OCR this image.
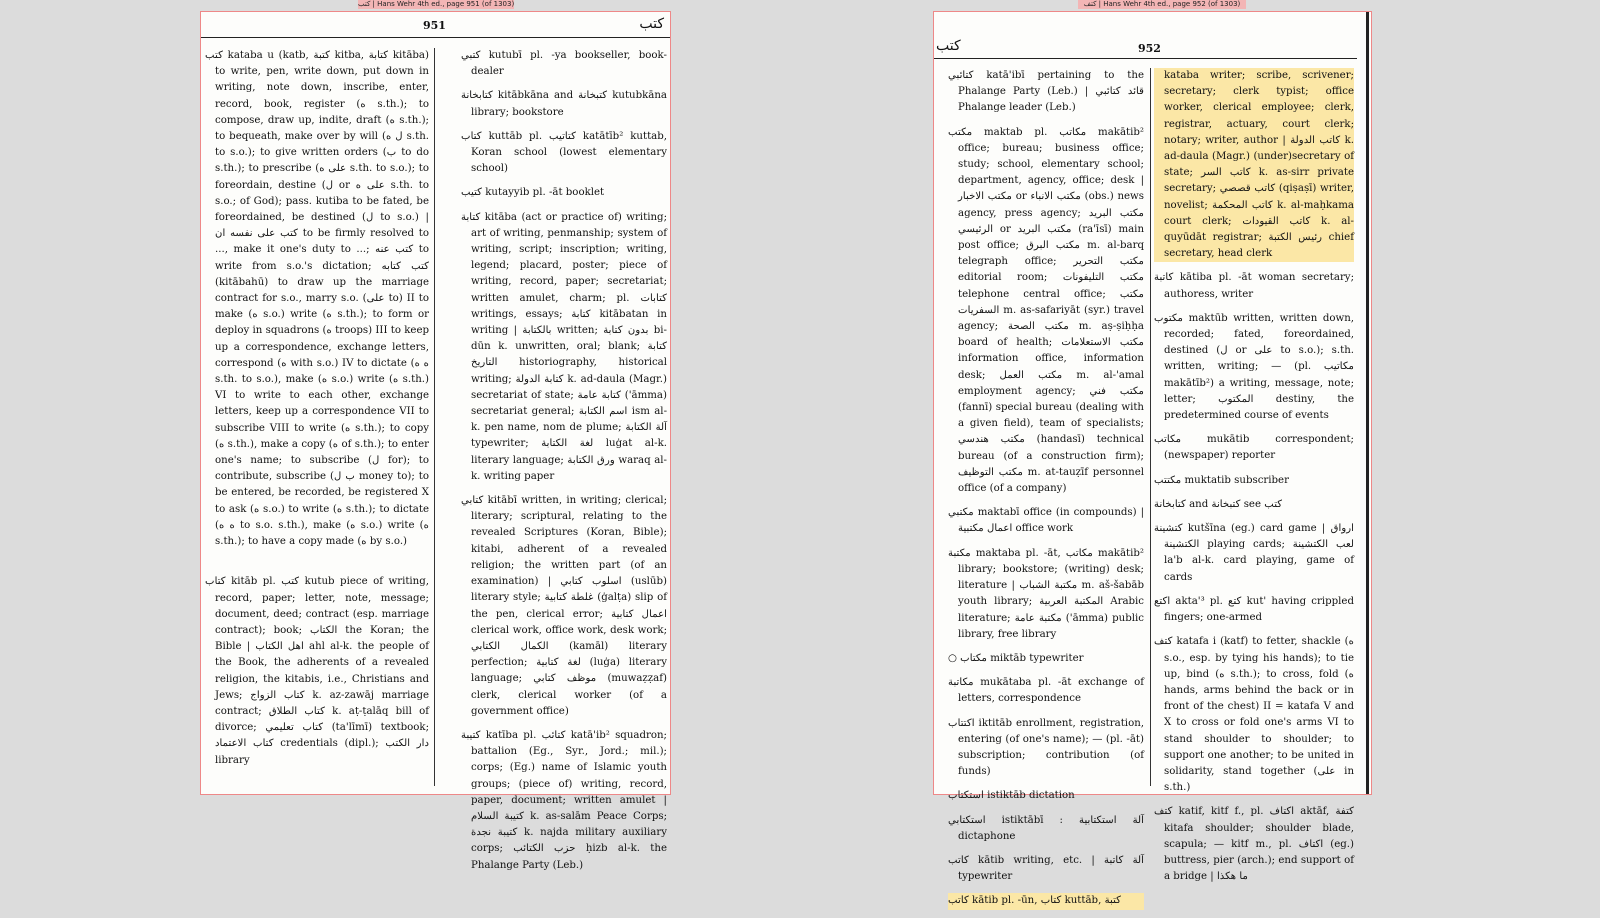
كتب | Hans Wehr 4th ed., page 951 (of 1303)	كتف | Hans Wehr 4th ed., page 952 (of 1303)
951	كتب

كتب kataba u (katb, كتبة kitba, كتابة kitāba) to write, pen, write down, put down in writing, note down, inscribe, enter, record, book, register (ه s.th.); to compose, draw up, indite, draft (ه s.th.); to bequeath, make over by will (ل ه s.th. to s.o.); to give written orders (ب to do s.th.); to prescribe (على ه s.th. to s.o.); to foreordain, destine (ل or على ه s.th. to s.o.; of God); pass. kutiba to be fated, be foreordained, be destined (ل to s.o.) | كتب على نفسه ان to be firmly resolved to ..., make it one's duty to ...; كتب عنه to write from s.o.'s dictation; كتب كتابه (kitābahū) to draw up the marriage contract for s.o., marry s.o. (على to) II to make (ه s.o.) write (ه s.th.); to form or deploy in squadrons (ه troops) III to keep up a correspondence, exchange letters, correspond (ه with s.o.) IV to dictate (ه ه s.th. to s.o.), make (ه s.o.) write (ه s.th.) VI to write to each other, exchange letters, keep up a correspondence VII to subscribe VIII to write (ه s.th.); to copy (ه s.th.), make a copy (ه of s.th.); to enter one's name; to subscribe (ل for); to contribute, subscribe (ب ل money to); to be entered, be recorded, be registered X to ask (ه s.o.) to write (ه s.th.); to dictate (ه ه to s.o. s.th.), make (ه s.o.) write (ه s.th.); to have a copy made (ه by s.o.)

كتاب kitāb pl. كتب kutub piece of writing, record, paper; letter, note, message; document, deed; contract (esp. marriage contract); book; الكتاب the Koran; the Bible | اهل الكتاب ahl al-k. the people of the Book, the adherents of a revealed religion, the kitabis, i.e., Christians and Jews; كتاب الزواج k. az-zawāj marriage contract; كتاب الطلاق k. aṭ-ṭalāq bill of divorce; كتاب تعليمي (ta'līmī) textbook; كتاب الاعتماد credentials (dipl.); دار الكتب library

كتبي kutubī pl. -ya bookseller, book-dealer

كتابخانة kitābkāna and كتبخانة kutubkāna library; bookstore

كتاب kuttāb pl. كتاتيب katātīb² kuttab, Koran school (lowest elementary school)

كتيب kutayyib pl. -āt booklet

كتابة kitāba (act or practice of) writing; art of writing, penmanship; system of writing, script; inscription; writing, legend; placard, poster; piece of writing, record, paper; secretariat; written amulet, charm; pl. كتابات writings, essays; كتابة kitābatan in writing | بالكتابة written; بدون كتابة bi-dūn k. unwritten, oral; blank; كتابة التاريخ historiography, historical writing; كتابة الدولة k. ad-daula (Magr.) secretariat of state; كتابة عامة ('āmma) secretariat general; اسم الكتابة ism al-k. pen name, nom de plume; آلة الكتابة typewriter; لغة الكتابة luġat al-k. literary language; ورق الكتابة waraq al-k. writing paper

كتابي kitābī written, in writing; clerical; literary; scriptural, relating to the revealed Scriptures (Koran, Bible); kitabi, adherent of a revealed religion; the written part (of an examination) | اسلوب كتابي (uslūb) literary style; غلطة كتابية (ġalṭa) slip of the pen, clerical error; اعمال كتابية clerical work, office work, desk work; الكمال الكتابي (kamāl) literary perfection; لغة كتابية (luġa) literary language; موظف كتابي (muwaẓẓaf) clerk, clerical worker (of a government office)

كتيبة katība pl. كتائب katā'ib² squadron; battalion (Eg., Syr., Jord.; mil.); corps; (Eg.) name of Islamic youth groups; (piece of) writing, record, paper, document; written amulet | كتيبة السلام k. as-salām Peace Corps; كتيبة نجدة k. najda military auxiliary corps; حزب الكتائب ḥizb al-k. the Phalange Party (Leb.)

كتب	952

كتائبي katā'ibī pertaining to the Phalange Party (Leb.) | قائد كتائبي Phalange leader (Leb.)

مكتب maktab pl. مكاتب makātib² office; bureau; business office; study; school, elementary school; department, agency, office; desk | مكتب الاخبار or مكتب الانباء (obs.) news agency, press agency; مكتب البريد الرئيسي or مكتب البريد (ra'īsī) main post office; مكتب البرق m. al-barq telegraph office; مكتب التحرير editorial room; مكتب التليفونات telephone central office; مكتب السفريات m. as-safariyāt (syr.) travel agency; مكتب الصحة m. aṣ-ṣiḥḥa board of health; مكتب الاستعلامات information office, information desk; مكتب العمل m. al-'amal employment agency; مكتب فني (fannī) special bureau (dealing with a given field), team of specialists; مكتب هندسي (handasī) technical bureau (of a construction firm); مكتب التوظيف m. at-tauẓīf personnel office (of a company)

مكتبي maktabī office (in compounds) | اعمال مكتبية office work

مكتبة maktaba pl. -āt, مكاتب makātib² library; bookstore; (writing) desk; literature | مكتبة الشباب m. aš-šabāb youth library; المكتبة العربية Arabic literature; مكتبة عامة ('āmma) public library, free library

○ مكتاب miktāb typewriter

مكاتبة mukātaba pl. -āt exchange of letters, correspondence

اكتتاب iktitāb enrollment, registration, entering (of one's name); — (pl. -āt) subscription; contribution (of funds)

استكتاب istiktāb dictation

استكتابي istiktābī : آلة استكتابية dictaphone

كاتب kātib writing, etc. | آلة كاتبة typewriter

كاتب kātib pl. -ūn, كتاب kuttāb, كتبة

kataba writer; scribe, scrivener; secretary; clerk typist; office worker, clerical employee; clerk, registrar, actuary, court clerk; notary; writer, author | كاتب الدولة k. ad-daula (Magr.) (under)secretary of state; كاتب السر k. as-sirr private secretary; كاتب قصصي (qiṣaṣī) writer, novelist; كاتب المحكمة k. al-maḥkama court clerk; كاتب القيودات k. al-quyūdāt registrar; رئيس الكتبة chief secretary, head clerk

كاتبة kātiba pl. -āt woman secretary; authoress, writer

مكتوب maktūb written, written down, recorded; fated, foreordained, destined (ل or على to s.o.); s.th. written, writing; — (pl. مكاتيب makātīb²) a writing, message, note; letter; المكتوب destiny, the predetermined course of events

مكاتب mukātib correspondent; (newspaper) reporter

مكتتب muktatib subscriber

كتابخانة and كتبخانة see كتب

كتشينة kutšīna (eg.) card game | ارواق الكتشينة playing cards; لعب الكتشينة la'b al-k. card playing, game of cards

اكتع akta'³ pl. كتع kut' having crippled fingers; one-armed

كتف katafa i (katf) to fetter, shackle (ه s.o., esp. by tying his hands); to tie up, bind (ه s.th.); to cross, fold (ه hands, arms behind the back or in front of the chest) II = katafa V and X to cross or fold one's arms VI to stand shoulder to shoulder; to support one another; to be united in solidarity, stand together (على in s.th.)

كتف katif, kitf f., pl. اكتاف aktāf, كتفة kitafa shoulder; shoulder blade, scapula; — kitf m., pl. اكتاف (eg.) buttress, pier (arch.); end support of a bridge | ما هكذا
